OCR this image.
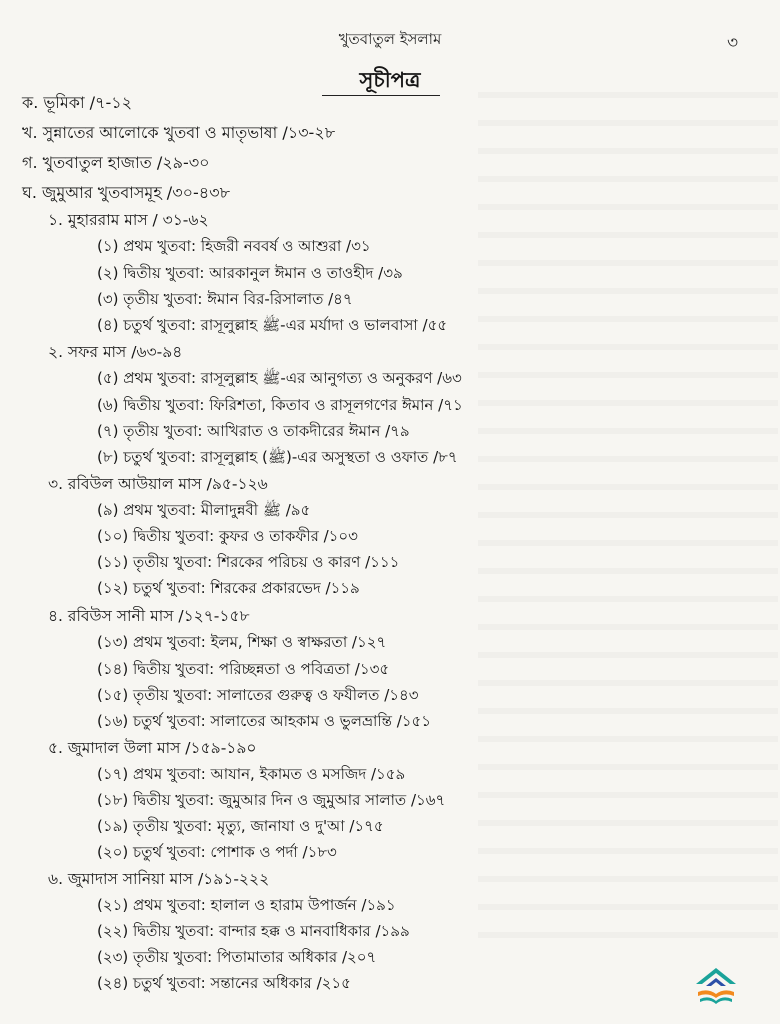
খুতবাতুল ইসলাম	৩
সূচীপত্র
ক. ভূমিকা /৭-১২
খ. সুন্নাতের আলোকে খুতবা ও মাতৃভাষা /১৩-২৮
গ. খুতবাতুল হাজাত /২৯-৩০
ঘ. জুমুআর খুতবাসমূহ /৩০-৪৩৮
১. মুহাররাম মাস / ৩১-৬২
(১) প্রথম খুতবা: হিজরী নববর্ষ ও আশুরা /৩১
(২) দ্বিতীয় খুতবা: আরকানুল ঈমান ও তাওহীদ /৩৯
(৩) তৃতীয় খুতবা: ঈমান বির-রিসালাত /৪৭
(৪) চতুর্থ খুতবা: রাসূলুল্লাহ ﷺ-এর মর্যাদা ও ভালবাসা /৫৫
২. সফর মাস /৬৩-৯৪
(৫) প্রথম খুতবা: রাসূলুল্লাহ ﷺ-এর আনুগত্য ও অনুকরণ /৬৩
(৬) দ্বিতীয় খুতবা: ফিরিশতা, কিতাব ও রাসূলগণের ঈমান /৭১
(৭) তৃতীয় খুতবা: আখিরাত ও তাকদীরের ঈমান /৭৯
(৮) চতুর্থ খুতবা: রাসূলুল্লাহ (ﷺ)-এর অসুস্থতা ও ওফাত /৮৭
৩. রবিউল আউয়াল মাস /৯৫-১২৬
(৯) প্রথম খুতবা: মীলাদুন্নবী ﷺ /৯৫
(১০) দ্বিতীয় খুতবা: কুফর ও তাকফীর /১০৩
(১১) তৃতীয় খুতবা: শিরকের পরিচয় ও কারণ /১১১
(১২) চতুর্থ খুতবা: শিরকের প্রকারভেদ /১১৯
৪. রবিউস সানী মাস /১২৭-১৫৮
(১৩) প্রথম খুতবা: ইলম, শিক্ষা ও স্বাক্ষরতা /১২৭
(১৪) দ্বিতীয় খুতবা: পরিচ্ছন্নতা ও পবিত্রতা /১৩৫
(১৫) তৃতীয় খুতবা: সালাতের গুরুত্ব ও ফযীলত /১৪৩
(১৬) চতুর্থ খুতবা: সালাতের আহকাম ও ভুলভ্রান্তি /১৫১
৫. জুমাদাল উলা মাস /১৫৯-১৯০
(১৭) প্রথম খুতবা: আযান, ইকামত ও মসজিদ /১৫৯
(১৮) দ্বিতীয় খুতবা: জুমুআর দিন ও জুমুআর সালাত /১৬৭
(১৯) তৃতীয় খুতবা: মৃত্যু, জানাযা ও দু'আ /১৭৫
(২০) চতুর্থ খুতবা: পোশাক ও পর্দা /১৮৩
৬. জুমাদাস সানিয়া মাস /১৯১-২২২
(২১) প্রথম খুতবা: হালাল ও হারাম উপার্জন /১৯১
(২২) দ্বিতীয় খুতবা: বান্দার হক্ক ও মানবাধিকার /১৯৯
(২৩) তৃতীয় খুতবা: পিতামাতার অধিকার /২০৭
(২৪) চতুর্থ খুতবা: সন্তানের অধিকার /২১৫
